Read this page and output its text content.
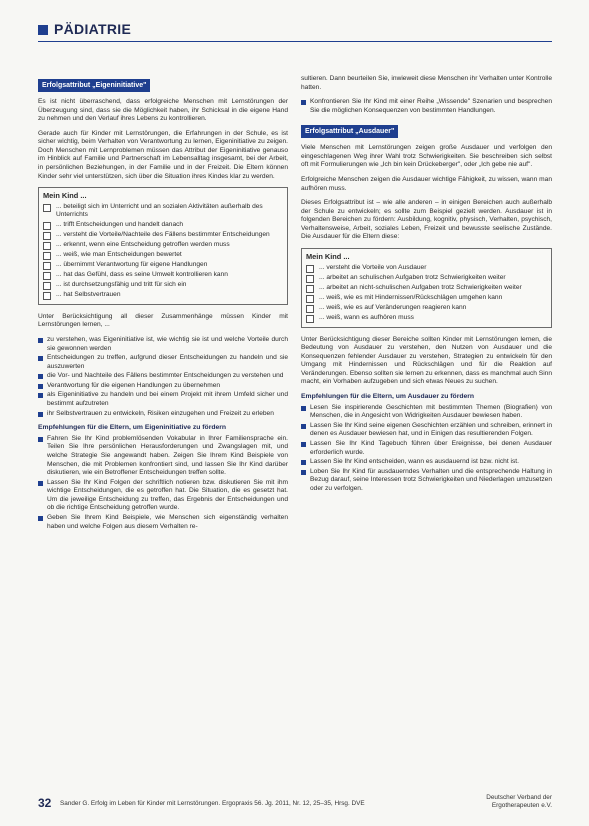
PÄDIATRIE
Erfolgsattribut „Eigeninitiative"

Es ist nicht überraschend, dass erfolgreiche Menschen mit Lernstörungen der Überzeugung sind, dass sie die Möglichkeit haben, ihr Schicksal in die eigene Hand zu nehmen und den Verlauf ihres Lebens zu kontrollieren.

Gerade auch für Kinder mit Lernstörungen, die Erfahrungen in der Schule, es ist sicher wichtig, beim Verhalten von Verantwortung zu lernen, Eigeninitiative zu zeigen. Doch Menschen mit Lernproblemen müssen das Attribut der Eigeninitiative genauso im Hinblick auf Familie und Partnerschaft im Lebensalltag insgesamt, bei der Arbeit, in persönlichen Beziehungen, in der Familie und in der Freizeit. Die Eltern können Kinder sehr viel unterstützen, sich über die Situation ihres Kindes klar zu werden.

Mein Kind ...
... beteiligt sich im Unterricht und an sozialen Aktivitäten außerhalb des Unterrichts
... trifft Entscheidungen und handelt danach
... versteht die Vorteile/Nachteile des Fällens bestimmter Entscheidungen
... erkennt, wenn eine Entscheidung getroffen werden muss
... weiß, wie man Entscheidungen bewertet
... übernimmt Verantwortung für eigene Handlungen
... hat das Gefühl, dass es seine Umwelt kontrollieren kann
... ist durchsetzungsfähig und tritt für sich ein
... hat Selbstvertrauen

Unter Berücksichtigung all dieser Zusammenhänge müssen Kinder mit Lernstörungen lernen, ...

zu verstehen, was Eigeninitiative ist, wie wichtig sie ist und welche Vorteile durch sie gewonnen werden
Entscheidungen zu treffen, aufgrund dieser Entscheidungen zu handeln und sie auszuwerten
die Vor- und Nachteile des Fällens bestimmter Entscheidungen zu verstehen und
Verantwortung für die eigenen Handlungen zu übernehmen
als Eigeninitiative zu handeln und bei einem Projekt mit ihrem Umfeld sicher und bestimmt aufzutreten
ihr Selbstvertrauen zu entwickeln, Risiken einzugehen und Freizeit zu erleben
Empfehlungen für die Eltern, um Eigeninitiative zu fördern
Fahren Sie Ihr Kind problemlösenden Vokabular in Ihrer Familiensprache ein. Teilen Sie Ihre persönlichen Herausforderungen und Zwangslagen mit, und welche Strategie Sie angewandt haben. Zeigen Sie Ihrem Kind Beispiele von Menschen, die mit Problemen konfrontiert sind, und lassen Sie Ihr Kind darüber diskutieren, wie ein Betroffener Entscheidungen treffen sollte.
Lassen Sie Ihr Kind Folgen der schriftlich notieren bzw. diskutieren Sie mit ihm wichtige Entscheidungen, die es getroffen hat. Die Situation, die es gesetzt hat. Um die jeweilige Entscheidung zu treffen, das Ergebnis der Entscheidungen und ob die richtige Entscheidung getroffen wurde.
Geben Sie Ihrem Kind Beispiele, wie Menschen sich eigenständig verhalten haben und welche Folgen aus diesem Verhalten re-

sultieren. Dann beurteilen Sie, inwieweit diese Menschen ihr Verhalten unter Kontrolle hatten.

Konfrontieren Sie Ihr Kind mit einer Reihe „Wissende" Szenarien und besprechen Sie die möglichen Konsequenzen von bestimmten Handlungen.
Erfolgsattribut „Ausdauer"

Viele Menschen mit Lernstörungen zeigen große Ausdauer und verfolgen den eingeschlagenen Weg ihrer Wahl trotz Schwierigkeiten. Sie beschreiben sich selbst oft mit Formulierungen wie „Ich bin kein Drückeberger", oder „Ich gebe nie auf".

Erfolgreiche Menschen zeigen die Ausdauer wichtige Fähigkeit, zu wissen, wann man aufhören muss.

Dieses Erfolgsattribut ist – wie alle anderen – in einigen Bereichen auch außerhalb der Schule zu entwickeln; es sollte zum Beispiel gezielt werden. Ausdauer ist in folgenden Bereichen zu fördern: Ausbildung, kognitiv, physisch, Verhalten, psychisch, Verhaltensweise, Arbeit, soziales Leben, Freizeit und bewusste seelische Zustände. Die Ausdauer für die Eltern diese:

Mein Kind ...
... versteht die Vorteile von Ausdauer
... arbeitet an schulischen Aufgaben trotz Schwierigkeiten weiter
... arbeitet an nicht-schulischen Aufgaben trotz Schwierigkeiten weiter
... weiß, wie es mit Hindernissen/Rückschlägen umgehen kann
... weiß, wie es auf Veränderungen reagieren kann
... weiß, wann es aufhören muss

Unter Berücksichtigung dieser Bereiche sollten Kinder mit Lernstörungen lernen, die Bedeutung von Ausdauer zu verstehen, den Nutzen von Ausdauer und die Konsequenzen fehlender Ausdauer zu verstehen, Strategien zu entwickeln für den Umgang mit Hindernissen und Rückschlägen und für die Reaktion auf Veränderungen. Ebenso sollten sie lernen zu erkennen, dass es manchmal auch Sinn macht, ein Vorhaben aufzugeben und sich etwas Neues zu suchen.

Empfehlungen für die Eltern, um Ausdauer zu fördern
Lesen Sie inspirierende Geschichten mit bestimmten Themen (Biografien) von Menschen, die in Angesicht von Widrigkeiten Ausdauer bewiesen haben.
Lassen Sie Ihr Kind seine eigenen Geschichten erzählen und schreiben, erinnert in denen es Ausdauer bewiesen hat, und in Einigen das resultierenden Folgen.
Lassen Sie Ihr Kind Tagebuch führen über Ereignisse, bei denen Ausdauer erforderlich wurde.
Lassen Sie Ihr Kind entscheiden, wann es ausdauernd ist bzw. nicht ist.
Loben Sie Ihr Kind für ausdauerndes Verhalten und die entsprechende Haltung in Bezug darauf, seine Interessen trotz Schwierigkeiten und Niederlagen umzusetzen oder zu verfolgen.
32 Sander G. Erfolg im Leben für Kinder mit Lernstörungen. Ergopraxis 56. Jg. 2011, Nr. 12, 25–35, Hrsg. DVE
Deutscher Verband der
Ergotherapeuten e.V.
